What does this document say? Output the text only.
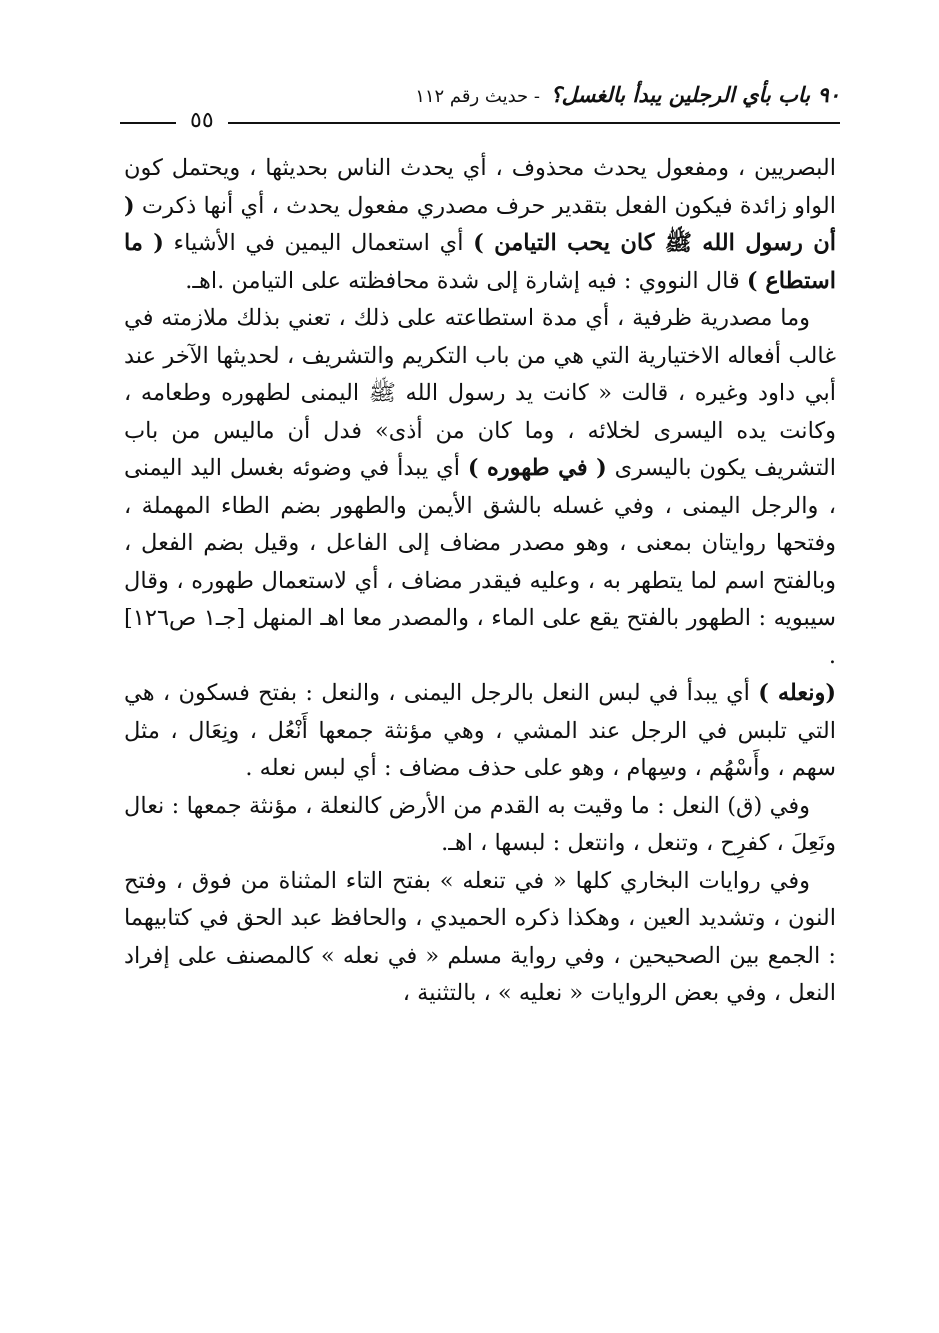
٩٠ باب بأي الرجلين يبدأ بالغسل؟
- حديث رقم ١١٢
٥٥

البصريين ، ومفعول يحدث محذوف ، أي يحدث الناس بحديثها ، ويحتمل كون الواو زائدة فيكون الفعل بتقدير حرف مصدري مفعول يحدث ، أي أنها ذكرت ( أن رسول الله ﷺ كان يحب التيامن ) أي استعمال اليمين في الأشياء ( ما استطاع ) قال النووي : فيه إشارة إلى شدة محافظته على التيامن .اهـ.

وما مصدرية ظرفية ، أي مدة استطاعته على ذلك ، تعني بذلك ملازمته في غالب أفعاله الاختيارية التي هي من باب التكريم والتشريف ، لحديثها الآخر عند أبي داود وغيره ، قالت « كانت يد رسول الله ﷺ اليمنى لطهوره وطعامه ، وكانت يده اليسرى لخلائه ، وما كان من أذى» فدل أن ماليس من باب التشريف يكون باليسرى ( في طهوره ) أي يبدأ في وضوئه بغسل اليد اليمنى ، والرجل اليمنى ، وفي غسله بالشق الأيمن والطهور بضم الطاء المهملة ، وفتحها روايتان بمعنى ، وهو مصدر مضاف إلى الفاعل ، وقيل بضم الفعل ، وبالفتح اسم لما يتطهر به ، وعليه فيقدر مضاف ، أي لاستعمال طهوره ، وقال سيبويه : الطهور بالفتح يقع على الماء ، والمصدر معا اهـ المنهل [جـ١ ص١٢٦] .

(ونعله ) أي يبدأ في لبس النعل بالرجل اليمنى ، والنعل : بفتح فسكون ، هي التي تلبس في الرجل عند المشي ، وهي مؤنثة جمعها أَنْعُل ، ونِعَال ، مثل سهم ، وأَسْهُم ، وسِهام ، وهو على حذف مضاف : أي لبس نعله .

وفي (ق) النعل : ما وقيت به القدم من الأرض كالنعلة ، مؤنثة جمعها : نعال ونَعِلَ ، كفرِح ، وتنعل ، وانتعل : لبسها ، اهـ.

وفي روايات البخاري كلها « في تنعله » بفتح التاء المثناة من فوق ، وفتح النون ، وتشديد العين ، وهكذا ذكره الحميدي ، والحافظ عبد الحق في كتابيهما : الجمع بين الصحيحين ، وفي رواية مسلم « في نعله » كالمصنف على إفراد النعل ، وفي بعض الروايات « نعليه » ، بالتثنية ،
